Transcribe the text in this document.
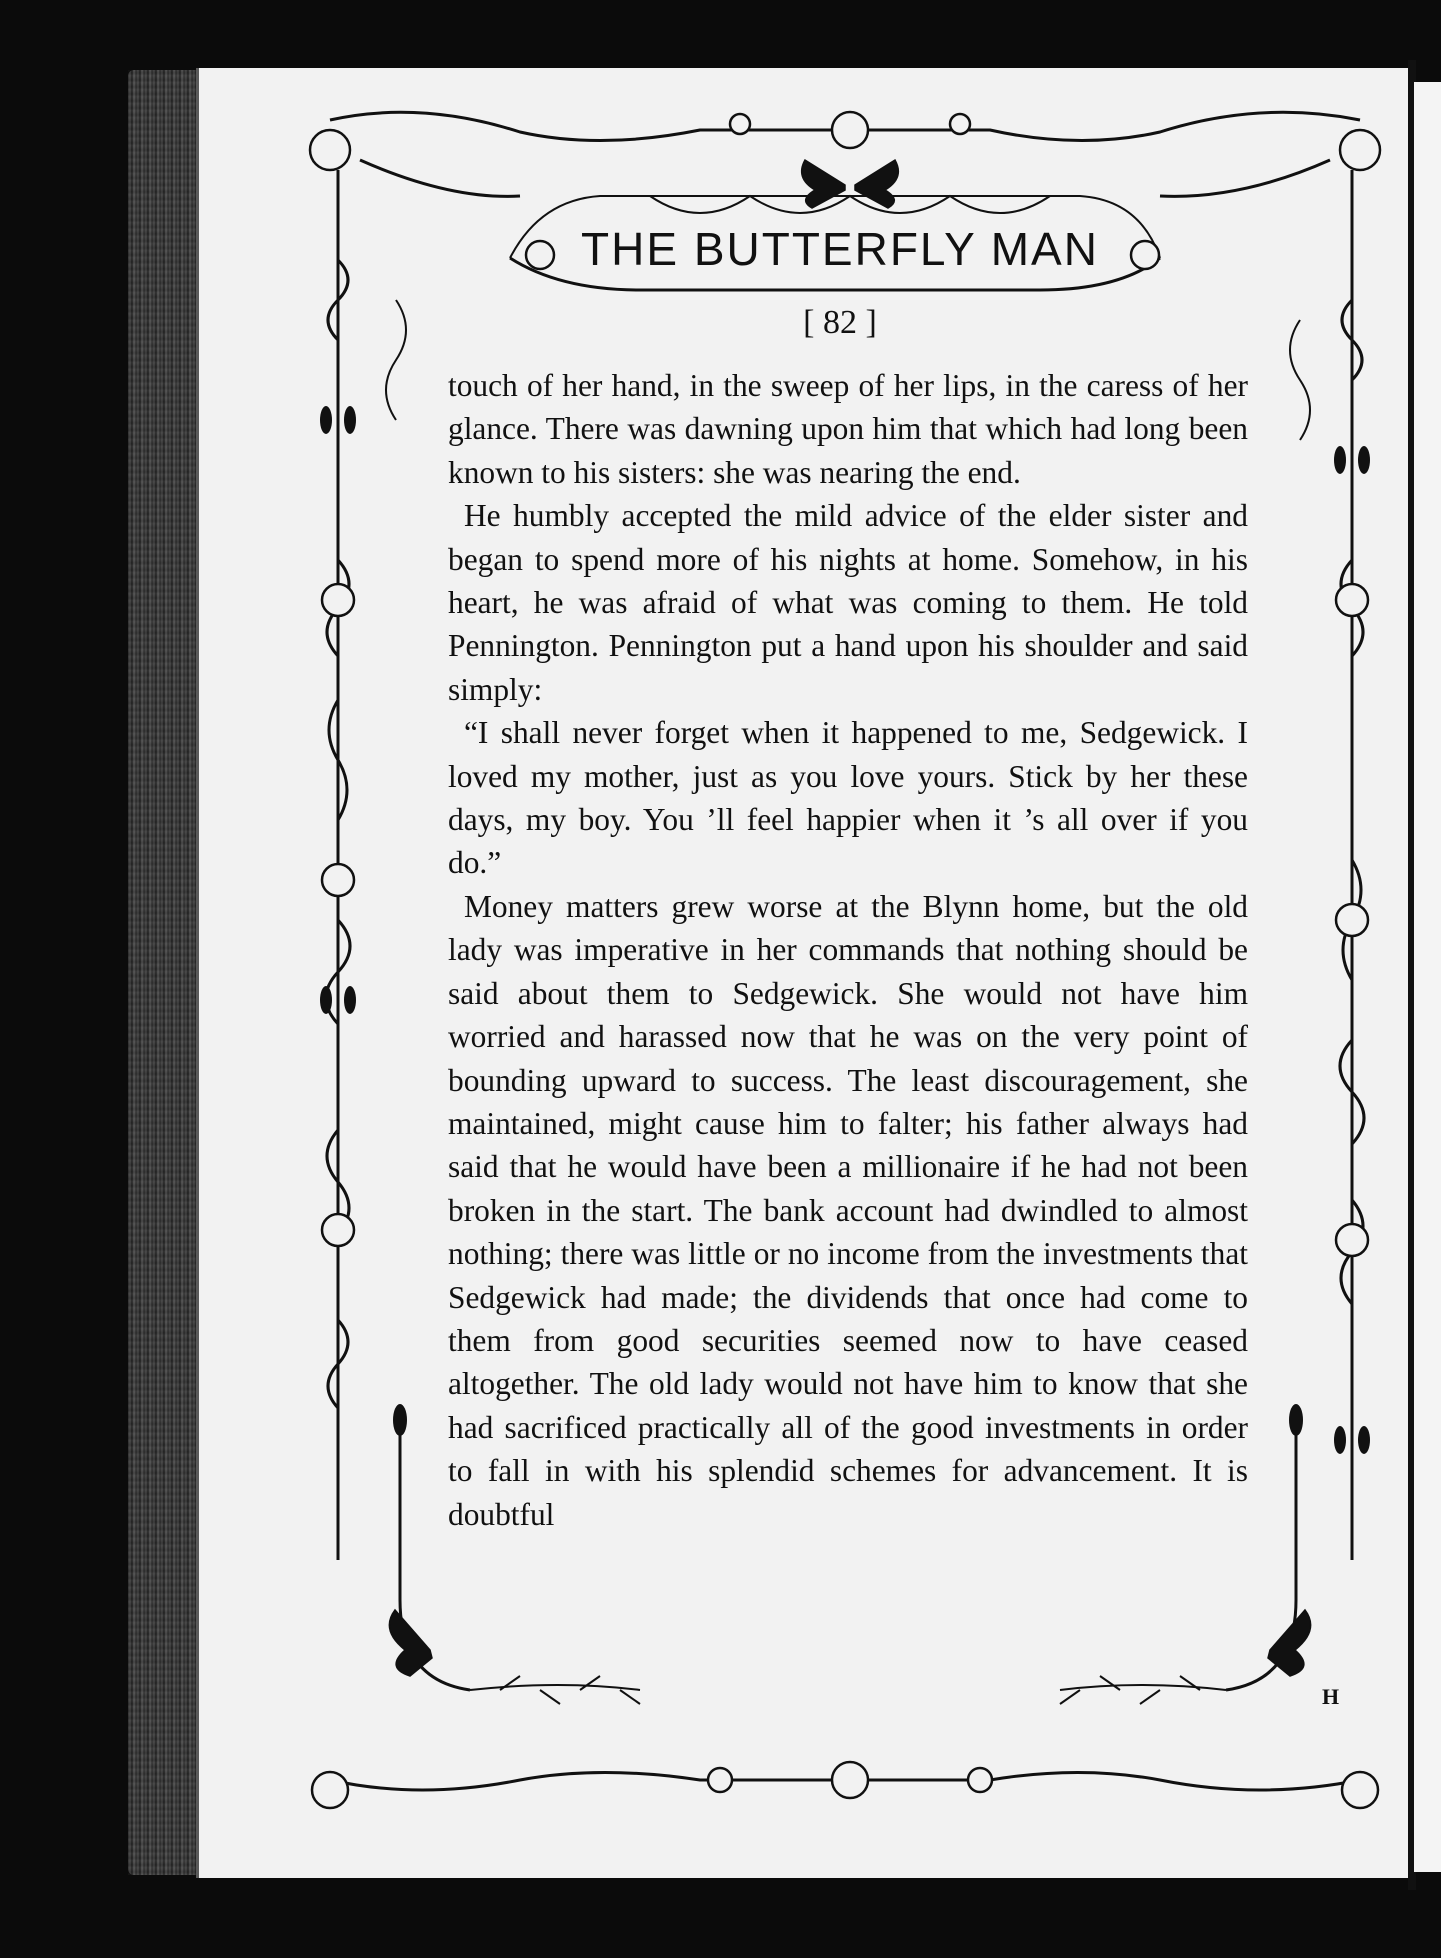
THE BUTTERFLY MAN
[ 82 ]

touch of her hand, in the sweep of her lips, in the caress of her glance. There was dawning upon him that which had long been known to his sisters: she was nearing the end.

He humbly accepted the mild advice of the elder sister and began to spend more of his nights at home. Somehow, in his heart, he was afraid of what was coming to them. He told Pennington. Pennington put a hand upon his shoulder and said simply:

“I shall never forget when it happened to me, Sedgewick. I loved my mother, just as you love yours. Stick by her these days, my boy. You ’ll feel happier when it ’s all over if you do.”

Money matters grew worse at the Blynn home, but the old lady was imperative in her commands that nothing should be said about them to Sedgewick. She would not have him worried and harassed now that he was on the very point of bounding upward to success. The least discouragement, she maintained, might cause him to falter; his father always had said that he would have been a millionaire if he had not been broken in the start. The bank account had dwindled to almost nothing; there was little or no income from the investments that Sedgewick had made; the dividends that once had come to them from good securities seemed now to have ceased altogether. The old lady would not have him to know that she had sacrificed practically all of the good investments in order to fall in with his splendid schemes for advancement. It is doubtful

H
